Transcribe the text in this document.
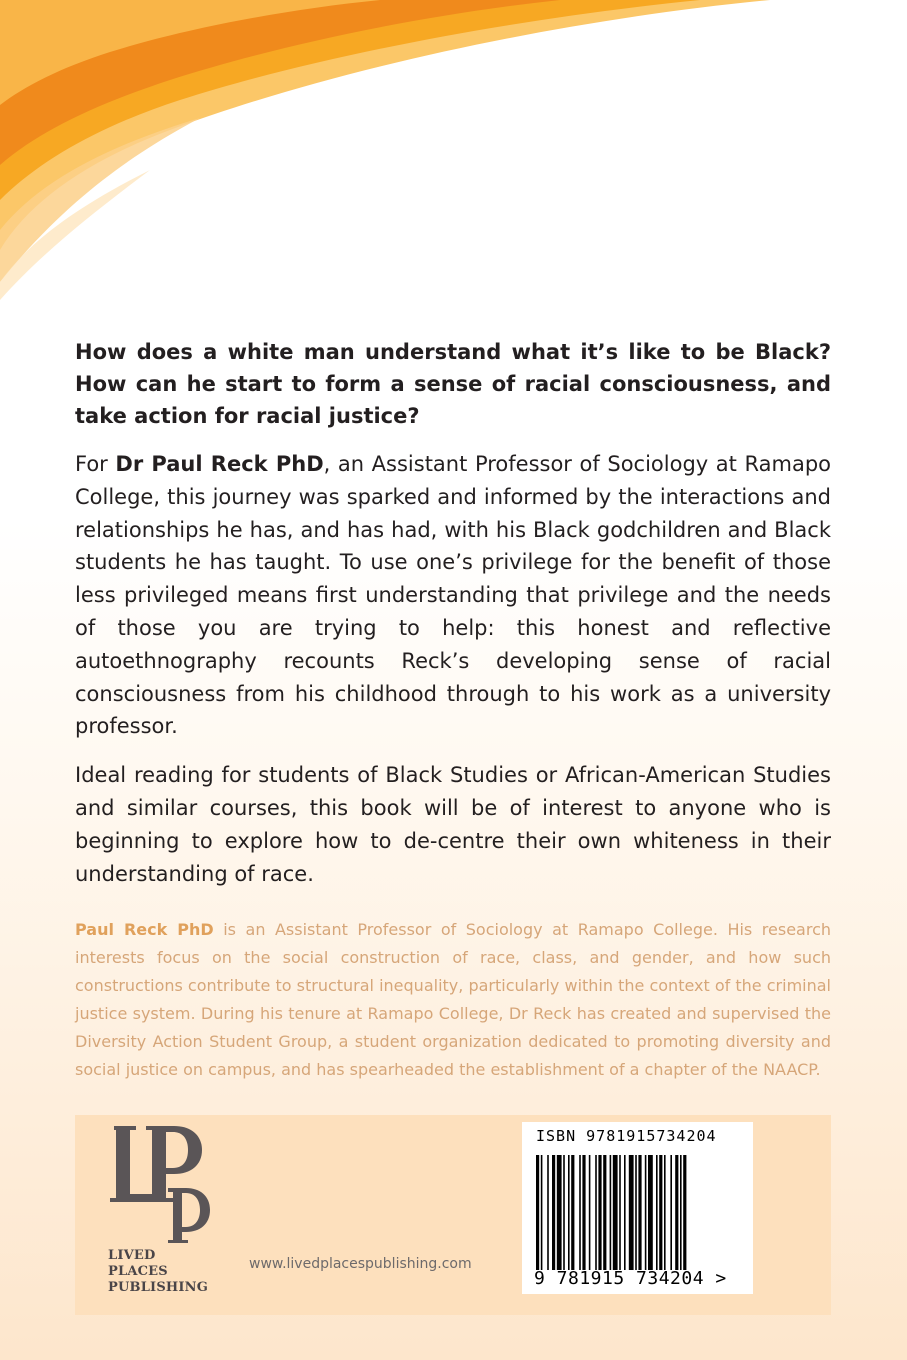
How does a white man understand what it’s like to be Black? How can he start to form a sense of racial consciousness, and take action for racial justice?

For Dr Paul Reck PhD, an Assistant Professor of Sociology at Ramapo College, this journey was sparked and informed by the interactions and relationships he has, and has had, with his Black godchildren and Black students he has taught. To use one’s privilege for the benefit of those less privileged means first understanding that privilege and the needs of those you are trying to help: this honest and reflective autoethnography recounts Reck’s developing sense of racial consciousness from his childhood through to his work as a university professor.

Ideal reading for students of Black Studies or African-American Studies and similar courses, this book will be of interest to anyone who is beginning to explore how to de-centre their own whiteness in their understanding of race.

Paul Reck PhD is an Assistant Professor of Sociology at Ramapo College. His research interests focus on the social construction of race, class, and gender, and how such constructions contribute to structural inequality, particularly within the context of the criminal justice system. During his tenure at Ramapo College, Dr Reck has created and supervised the Diversity Action Student Group, a student organization dedicated to promoting diversity and social justice on campus, and has spearheaded the establishment of a chapter of the NAACP.

LIVED PLACES
PUBLISHING
www.livedplacespublishing.com
ISBN 9781915734204
9 781915 734204 >
